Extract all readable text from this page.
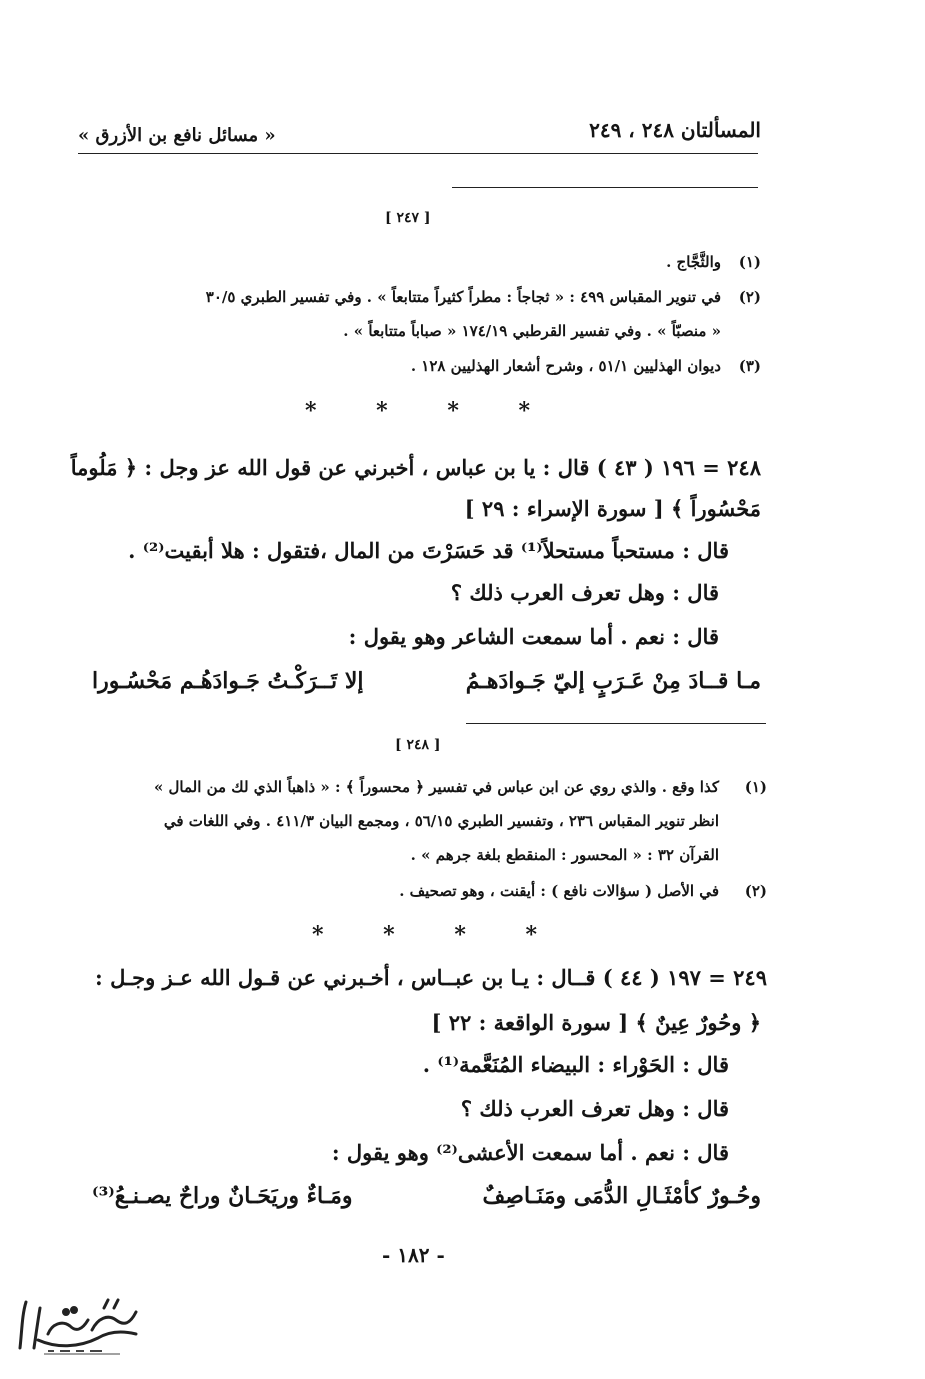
المسألتان ٢٤٨ ، ٢٤٩
« مسائل نافع بن الأزرق »
[ ٢٤٧ ]
(١)
والثَّجَّاج .
(٢)
في تنوير المقباس ٤٩٩ : « ثجاجاً : مطراً كثيراً متتابعاً » . وفي تفسير الطبري ٣٠/٥
« منصبّاً » . وفي تفسير القرطبي ١٧٤/١٩ « صباباً متتابعاً » .
(٣)
ديوان الهذليين ٥١/١ ، وشرح أشعار الهذليين ١٢٨ .
*
*
*
*
٢٤٨ = ١٩٦ ( ٤٣ ) قال : يا بن عباس ، أخبرني عن قول الله عز وجل : ﴿ مَلُوماً
مَحْسُوراً ﴾ [ سورة الإسراء : ٢٩ ]
قال : مستحباً مستحلاً⁽¹⁾ قد حَسَرْتَ من المال ،فتقول : هلا أبقيت⁽²⁾ .
قال : وهل تعرف العرب ذلك ؟
قال : نعم . أما سمعت الشاعر وهو يقول :
مـا قــادَ مِنْ عَـرَبٍ إليّ جَـوادَهـمُ
إلا تَــرَكْـتُ جَـوادَهُـم مَحْسُـورا
[ ٢٤٨ ]
(١)
كذا وقع . والذي روي عن ابن عباس في تفسير ﴿ محسوراً ﴾ : « ذاهباً الذي لك من المال »
انظر تنوير المقباس ٢٣٦ ، وتفسير الطبري ٥٦/١٥ ، ومجمع البيان ٤١١/٣ . وفي اللغات في
القرآن ٣٢ : « المحسور : المنقطع بلغة جرهم » .
(٢)
في الأصل ( سؤالات نافع ) : أيقنت ، وهو تصحيف .
*
*
*
*
٢٤٩ = ١٩٧ ( ٤٤ ) قــال : يـا بن عبــاس ، أخـبرني عن قـول الله عـز وجـل :
﴿ وحُورٌ عِينٌ ﴾ [ سورة الواقعة : ٢٢ ]
قال : الحَوْراء : البيضاء المُنَعَّمة⁽¹⁾ .
قال : وهل تعرف العرب ذلك ؟
قال : نعم . أما سمعت الأعشى⁽²⁾ وهو يقول :
وحُـورٌ كأمْثَـالِ الدُّمَى ومَنَـاصِفٌ
ومَـاءٌ وريَحَـانٌ وراحٌ يصـنـعُ⁽³⁾
- ١٨٢ -
